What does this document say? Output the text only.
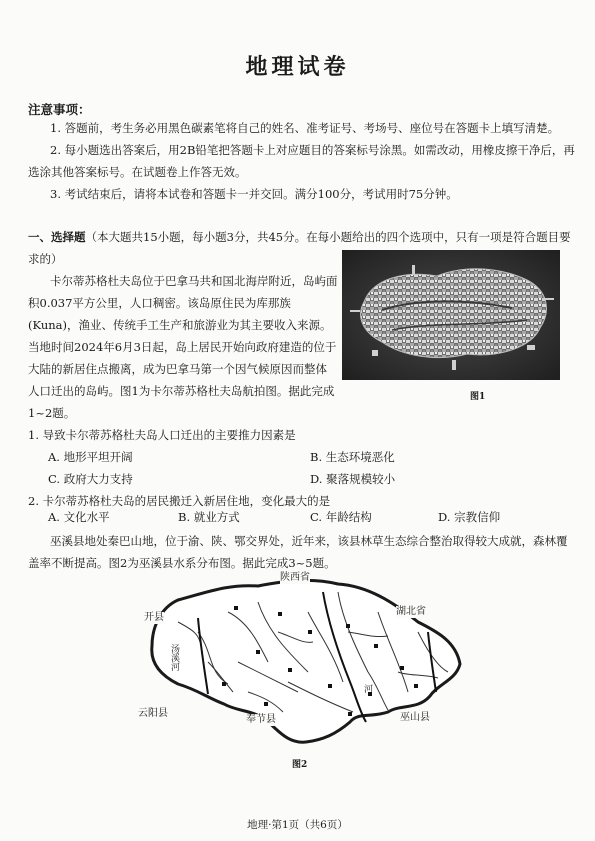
地理试卷
注意事项：
1. 答题前，考生务必用黑色碳素笔将自己的姓名、准考证号、考场号、座位号在答题卡上填写清楚。
2. 每小题选出答案后，用2B铅笔把答题卡上对应题目的答案标号涂黑。如需改动，用橡皮擦干净后，再选涂其他答案标号。在试题卷上作答无效。
3. 考试结束后，请将本试卷和答题卡一并交回。满分100分，考试用时75分钟。
一、选择题（本大题共15小题，每小题3分，共45分。在每小题给出的四个选项中，只有一项是符合题目要求的）
卡尔蒂苏格杜夫岛位于巴拿马共和国北海岸附近，岛屿面积0.037平方公里，人口稠密。该岛原住民为库那族(Kuna)，渔业、传统手工生产和旅游业为其主要收入来源。当地时间2024年6月3日起，岛上居民开始向政府建造的位于大陆的新居住点搬离，成为巴拿马第一个因气候原因而整体人口迁出的岛屿。图1为卡尔蒂苏格杜夫岛航拍图。据此完成1~2题。
图1
1. 导致卡尔蒂苏格杜夫岛人口迁出的主要推力因素是
A. 地形平坦开阔	B. 生态环境恶化
C. 政府大力支持	D. 聚落规模较小
2. 卡尔蒂苏格杜夫岛的居民搬迁入新居住地，变化最大的是
A. 文化水平	B. 就业方式	C. 年龄结构	D. 宗教信仰
巫溪县地处秦巴山地，位于渝、陕、鄂交界处，近年来，该县林草生态综合整治取得较大成就，森林覆盖率不断提高。图2为巫溪县水系分布图。据此完成3~5题。
陕西省
湖北省
开县
云阳县
奉节县	巫山县
汤溪河
河
图2
地理·第1页（共6页）
